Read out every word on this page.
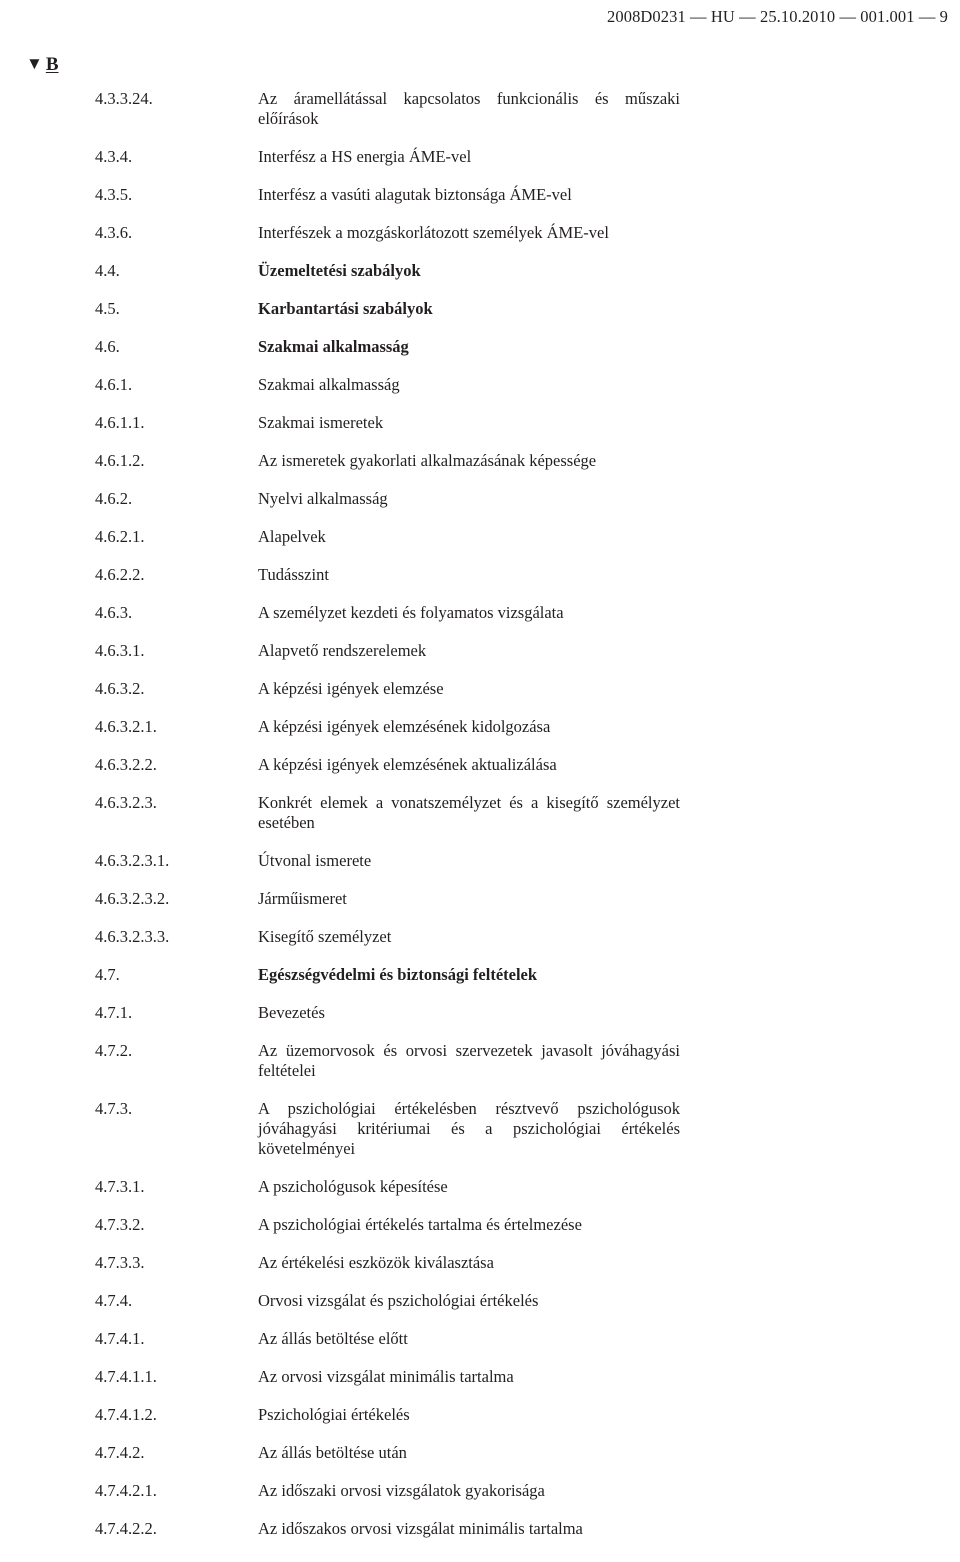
2008D0231 — HU — 25.10.2010 — 001.001 — 9
▼ B
4.3.3.24.	Az áramellátással kapcsolatos funkcionális és műszaki előírások
4.3.4.	Interfész a HS energia ÁME-vel
4.3.5.	Interfész a vasúti alagutak biztonsága ÁME-vel
4.3.6.	Interfészek a mozgáskorlátozott személyek ÁME-vel
4.4.	Üzemeltetési szabályok
4.5.	Karbantartási szabályok
4.6.	Szakmai alkalmasság
4.6.1.	Szakmai alkalmasság
4.6.1.1.	Szakmai ismeretek
4.6.1.2.	Az ismeretek gyakorlati alkalmazásának képessége
4.6.2.	Nyelvi alkalmasság
4.6.2.1.	Alapelvek
4.6.2.2.	Tudásszint
4.6.3.	A személyzet kezdeti és folyamatos vizsgálata
4.6.3.1.	Alapvető rendszerelemek
4.6.3.2.	A képzési igények elemzése
4.6.3.2.1.	A képzési igények elemzésének kidolgozása
4.6.3.2.2.	A képzési igények elemzésének aktualizálása
4.6.3.2.3.	Konkrét elemek a vonatszemélyzet és a kisegítő személyzet esetében
4.6.3.2.3.1.	Útvonal ismerete
4.6.3.2.3.2.	Járműismeret
4.6.3.2.3.3.	Kisegítő személyzet
4.7.	Egészségvédelmi és biztonsági feltételek
4.7.1.	Bevezetés
4.7.2.	Az üzemorvosok és orvosi szervezetek javasolt jóváhagyási feltételei
4.7.3.	A pszichológiai értékelésben résztvevő pszichológusok jóváhagyási kritériumai és a pszichológiai értékelés követelményei
4.7.3.1.	A pszichológusok képesítése
4.7.3.2.	A pszichológiai értékelés tartalma és értelmezése
4.7.3.3.	Az értékelési eszközök kiválasztása
4.7.4.	Orvosi vizsgálat és pszichológiai értékelés
4.7.4.1.	Az állás betöltése előtt
4.7.4.1.1.	Az orvosi vizsgálat minimális tartalma
4.7.4.1.2.	Pszichológiai értékelés
4.7.4.2.	Az állás betöltése után
4.7.4.2.1.	Az időszaki orvosi vizsgálatok gyakorisága
4.7.4.2.2.	Az időszakos orvosi vizsgálat minimális tartalma
